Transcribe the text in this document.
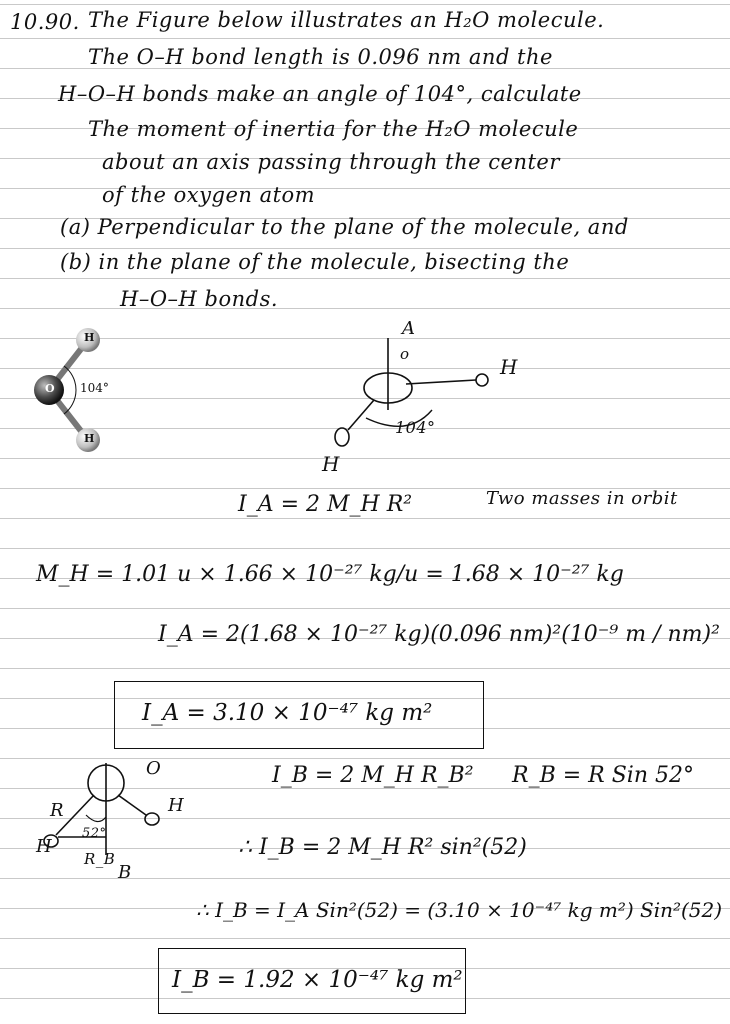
10.90. The Figure below illustrates an H₂O molecule.
The O–H bond length is 0.096 nm and the
H–O–H bonds make an angle of 104°, calculate
The moment of inertia for the H₂O molecule
about an axis passing through the center
of the oxygen atom
(a) Perpendicular to the plane of the molecule, and
(b) in the plane of the molecule, bisecting the
H–O–H bonds.
H
O
H
104°
A
o
H
H
104°
I_A = 2 M_H R²	Two masses in orbit
M_H = 1.01 u × 1.66 × 10⁻²⁷ kg/u = 1.68 × 10⁻²⁷ kg
I_A = 2(1.68 × 10⁻²⁷ kg)(0.096 nm)²(10⁻⁹ m / nm)²
I_A = 3.10 × 10⁻⁴⁷ kg m²
O
H
R
H
52°
R_B
B
I_B = 2 M_H R_B² R_B = R Sin 52°
∴ I_B = 2 M_H R² sin²(52)
∴ I_B = I_A Sin²(52) = (3.10 × 10⁻⁴⁷ kg m²) Sin²(52)
I_B = 1.92 × 10⁻⁴⁷ kg m²
